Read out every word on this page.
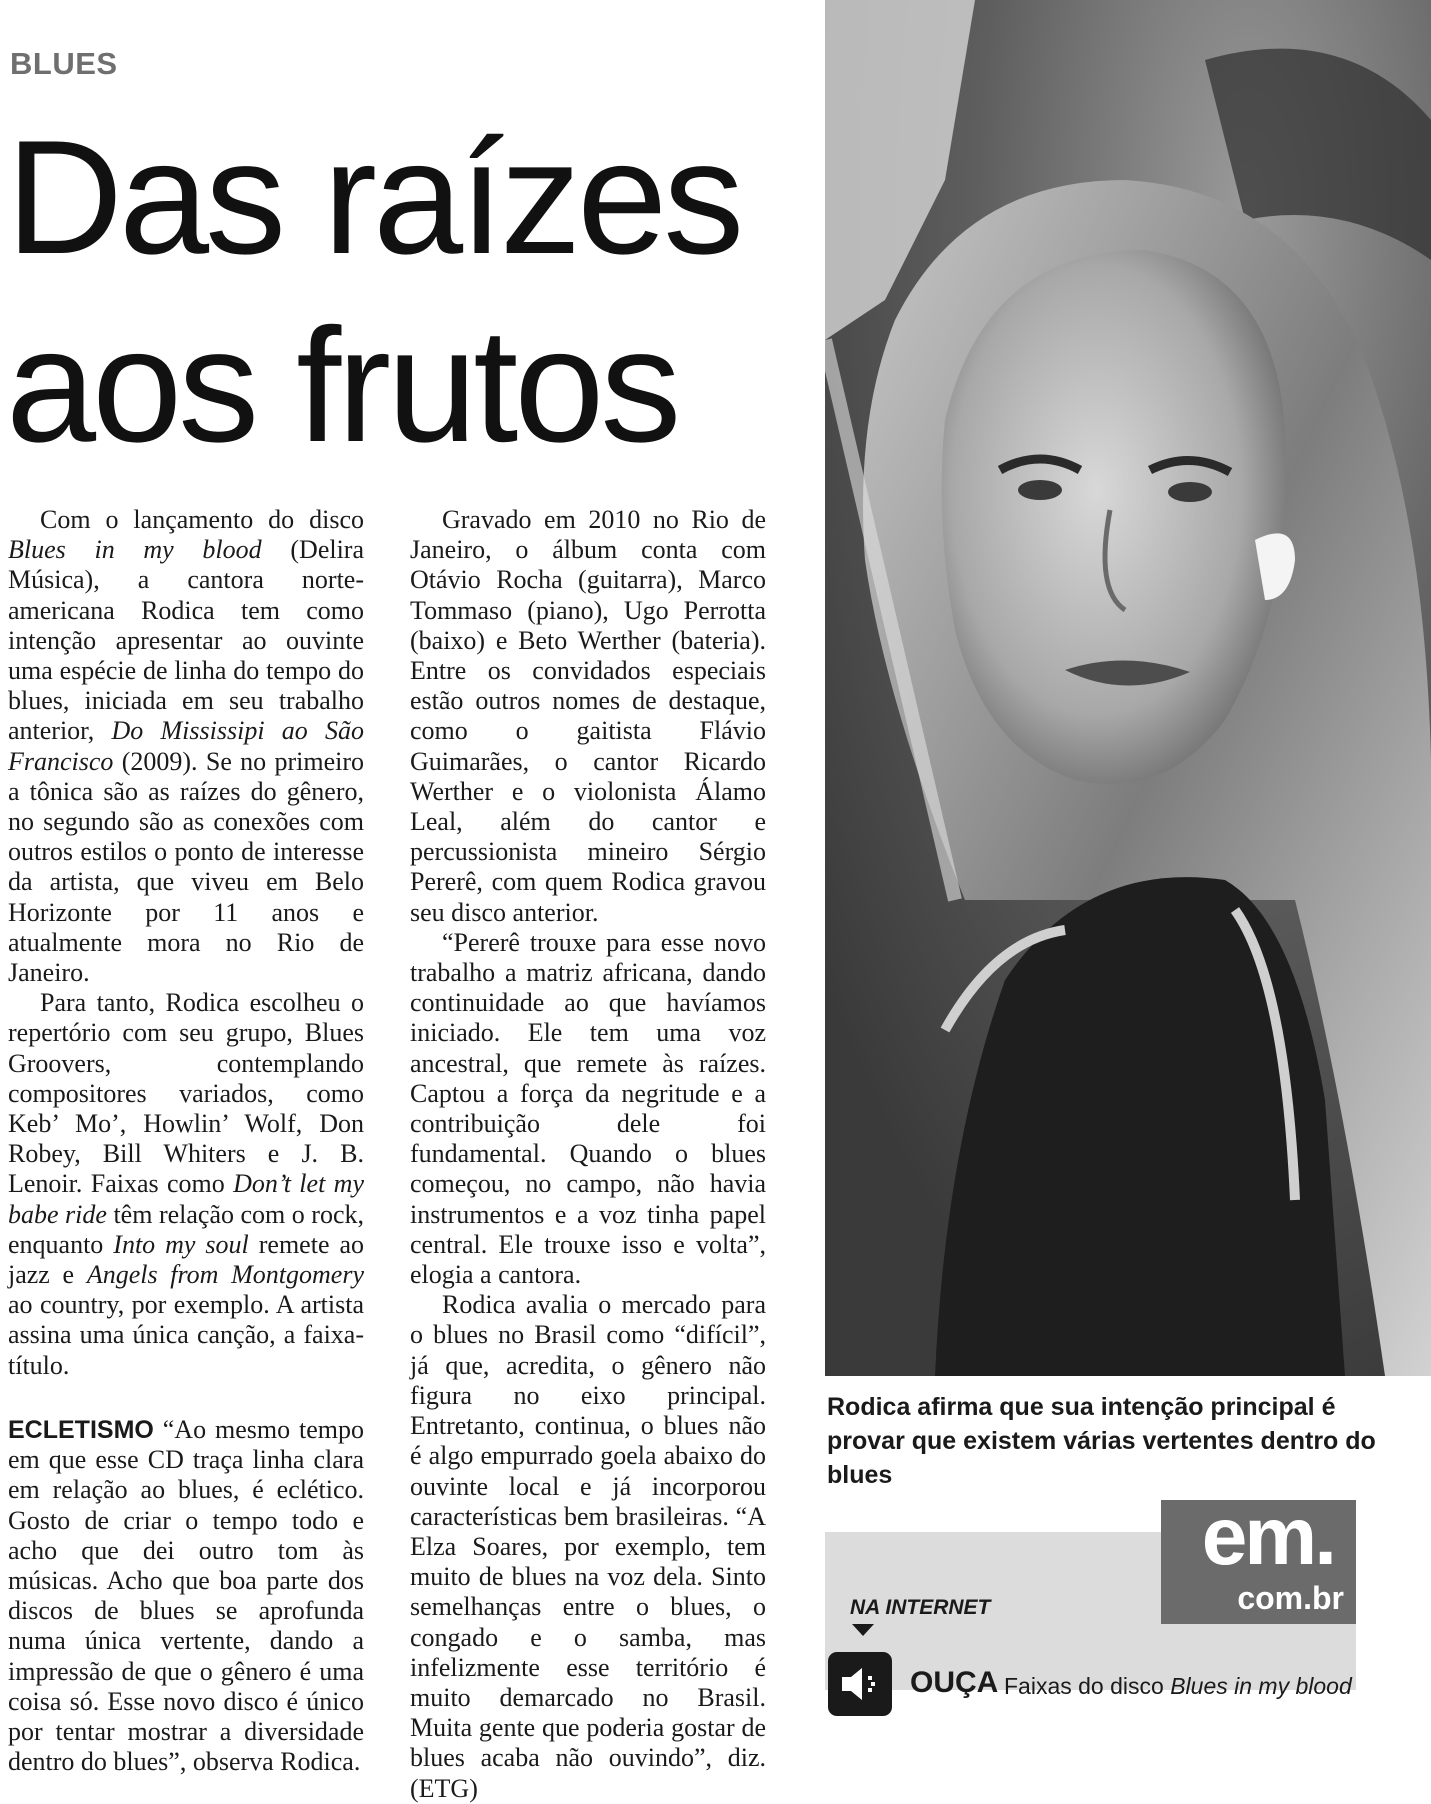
BLUES
Das raízes
aos frutos

Com o lançamento do disco Blues in my blood (Delira Música), a cantora norte-americana Rodica tem como intenção apresentar ao ouvinte uma espécie de linha do tempo do blues, iniciada em seu trabalho anterior, Do Mississipi ao São Francisco (2009). Se no primeiro a tônica são as raízes do gênero, no segundo são as conexões com outros estilos o ponto de interesse da artista, que viveu em Belo Horizonte por 11 anos e atualmente mora no Rio de Janeiro.

Para tanto, Rodica escolheu o repertório com seu grupo, Blues Groovers, contemplando compositores variados, como Keb’ Mo’, Howlin’ Wolf, Don Robey, Bill Whiters e J. B. Lenoir. Faixas como Don’t let my babe ride têm relação com o rock, enquanto Into my soul remete ao jazz e Angels from Montgomery ao country, por exemplo. A artista assina uma única canção, a faixa-título.

ECLETISMO “Ao mesmo tempo em que esse CD traça linha clara em relação ao blues, é eclético. Gosto de criar o tempo todo e acho que dei outro tom às músicas. Acho que boa parte dos discos de blues se aprofunda numa única vertente, dando a impressão de que o gênero é uma coisa só. Esse novo disco é único por tentar mostrar a diversidade dentro do blues”, observa Rodica.

Gravado em 2010 no Rio de Janeiro, o álbum conta com Otávio Rocha (guitarra), Marco Tommaso (piano), Ugo Perrotta (baixo) e Beto Werther (bateria). Entre os convidados especiais estão outros nomes de destaque, como o gaitista Flávio Guimarães, o cantor Ricardo Werther e o violonista Álamo Leal, além do cantor e percussionista mineiro Sérgio Pererê, com quem Rodica gravou seu disco anterior.

“Pererê trouxe para esse novo trabalho a matriz africana, dando continuidade ao que havíamos iniciado. Ele tem uma voz ancestral, que remete às raízes. Captou a força da negritude e a contribuição dele foi fundamental. Quando o blues começou, no campo, não havia instrumentos e a voz tinha papel central. Ele trouxe isso e volta”, elogia a cantora.

Rodica avalia o mercado para o blues no Brasil como “difícil”, já que, acredita, o gênero não figura no eixo principal. Entretanto, continua, o blues não é algo empurrado goela abaixo do ouvinte local e já incorporou características bem brasileiras. “A Elza Soares, por exemplo, tem muito de blues na voz dela. Sinto semelhanças entre o blues, o congado e o samba, mas infelizmente esse território é muito demarcado no Brasil. Muita gente que poderia gostar de blues acaba não ouvindo”, diz. (ETG)

Rodica afirma que sua intenção principal é provar que existem várias vertentes dentro do blues
em.
com.br
NA INTERNET
OUÇA Faixas do disco Blues in my blood
